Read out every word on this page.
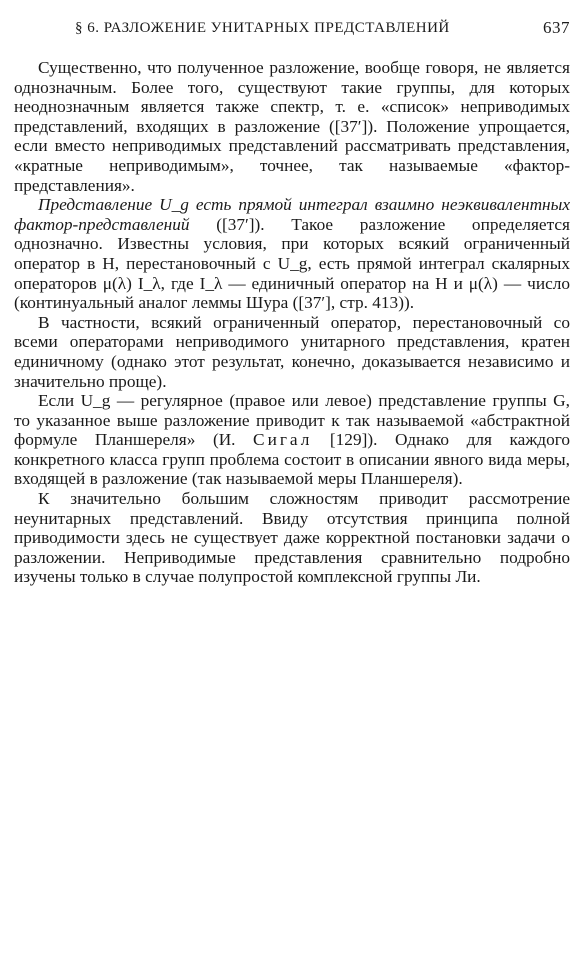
§ 6. РАЗЛОЖЕНИЕ УНИТАРНЫХ ПРЕДСТАВЛЕНИЙ	637

Существенно, что полученное разложение, вообще говоря, не является однозначным. Более того, существуют такие группы, для которых неоднозначным является также спектр, т. е. «список» неприводимых представлений, входящих в разложение ([37′]). Положение упрощается, если вместо неприводимых представлений рассматривать представления, «кратные неприводимым», точнее, так называемые «фактор-представления».

Представление U_g есть прямой интеграл взаимно неэквивалентных фактор-представлений ([37′]). Такое разложение определяется однозначно. Известны условия, при которых всякий ограниченный оператор в H, перестановочный с U_g, есть прямой интеграл скалярных операторов μ(λ) I_λ, где I_λ — единичный оператор на H и μ(λ) — число (континуальный аналог леммы Шура ([37′], стр. 413)).

В частности, всякий ограниченный оператор, перестановочный со всеми операторами неприводимого унитарного представления, кратен единичному (однако этот результат, конечно, доказывается независимо и значительно проще).

Если U_g — регулярное (правое или левое) представление группы G, то указанное выше разложение приводит к так называемой «абстрактной формуле Планшереля» (И. Сигал [129]). Однако для каждого конкретного класса групп проблема состоит в описании явного вида меры, входящей в разложение (так называемой меры Планшереля).

К значительно большим сложностям приводит рассмотрение неунитарных представлений. Ввиду отсутствия принципа полной приводимости здесь не существует даже корректной постановки задачи о разложении. Неприводимые представления сравнительно подробно изучены только в случае полупростой комплексной группы Ли.
